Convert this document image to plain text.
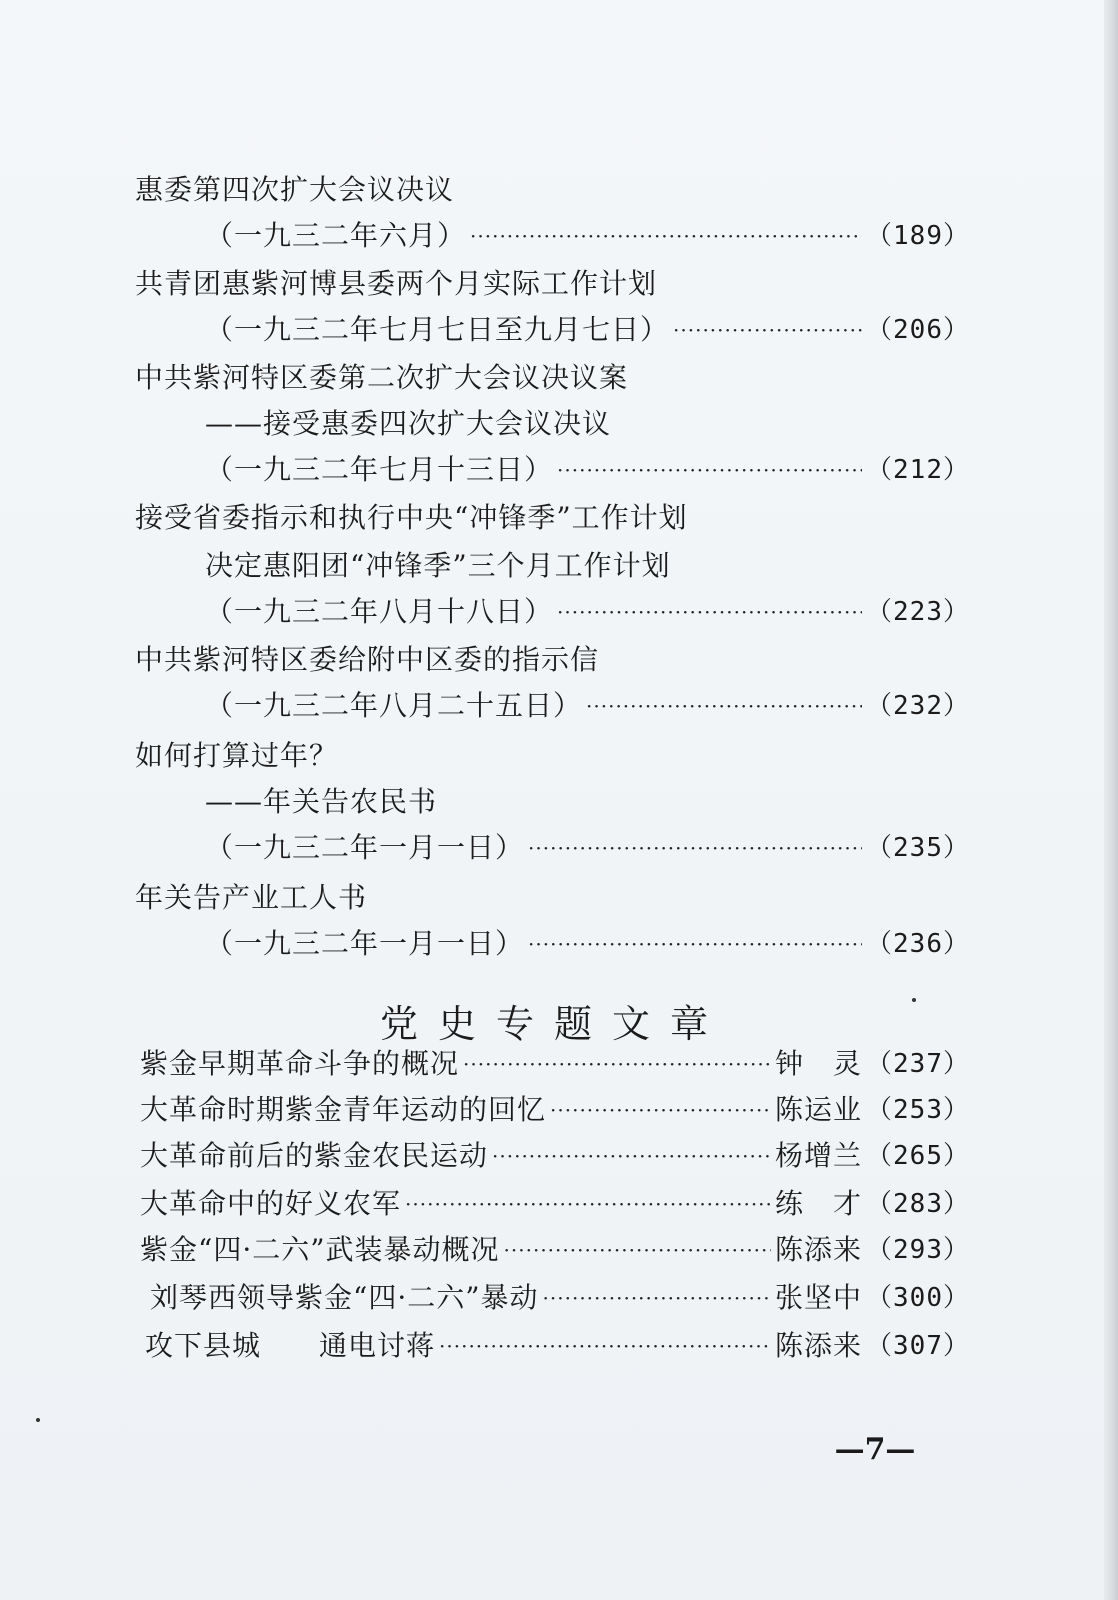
惠委第四次扩大会议决议
（一九三二年六月） ·····	（189）
共青团惠紫河博县委两个月实际工作计划
（一九三二年七月七日至九月七日） ·····	（206）
中共紫河特区委第二次扩大会议决议案
——接受惠委四次扩大会议决议
（一九三二年七月十三日） ·····	（212）
接受省委指示和执行中央“冲锋季”工作计划
决定惠阳团“冲锋季”三个月工作计划
（一九三二年八月十八日） ·····	（223）
中共紫河特区委给附中区委的指示信
（一九三二年八月二十五日） ·····	（232）
如何打算过年？
——年关告农民书
（一九三二年一月一日） ·····	（235）
年关告产业工人书
（一九三二年一月一日） ·····	（236）
党史专题文章
紫金早期革命斗争的概况 ·····	钟　灵 （237）
大革命时期紫金青年运动的回忆 ·····	陈运业 （253）
大革命前后的紫金农民运动 ·····	杨增兰 （265）
大革命中的好义农军 ·····	练　才 （283）
紫金“四·二六”武装暴动概况 ·····	陈添来 （293）
刘琴西领导紫金“四·二六”暴动 ·····	张坚中 （300）
攻下县城　　通电讨蒋 ·····	陈添来 （307）
—7—
